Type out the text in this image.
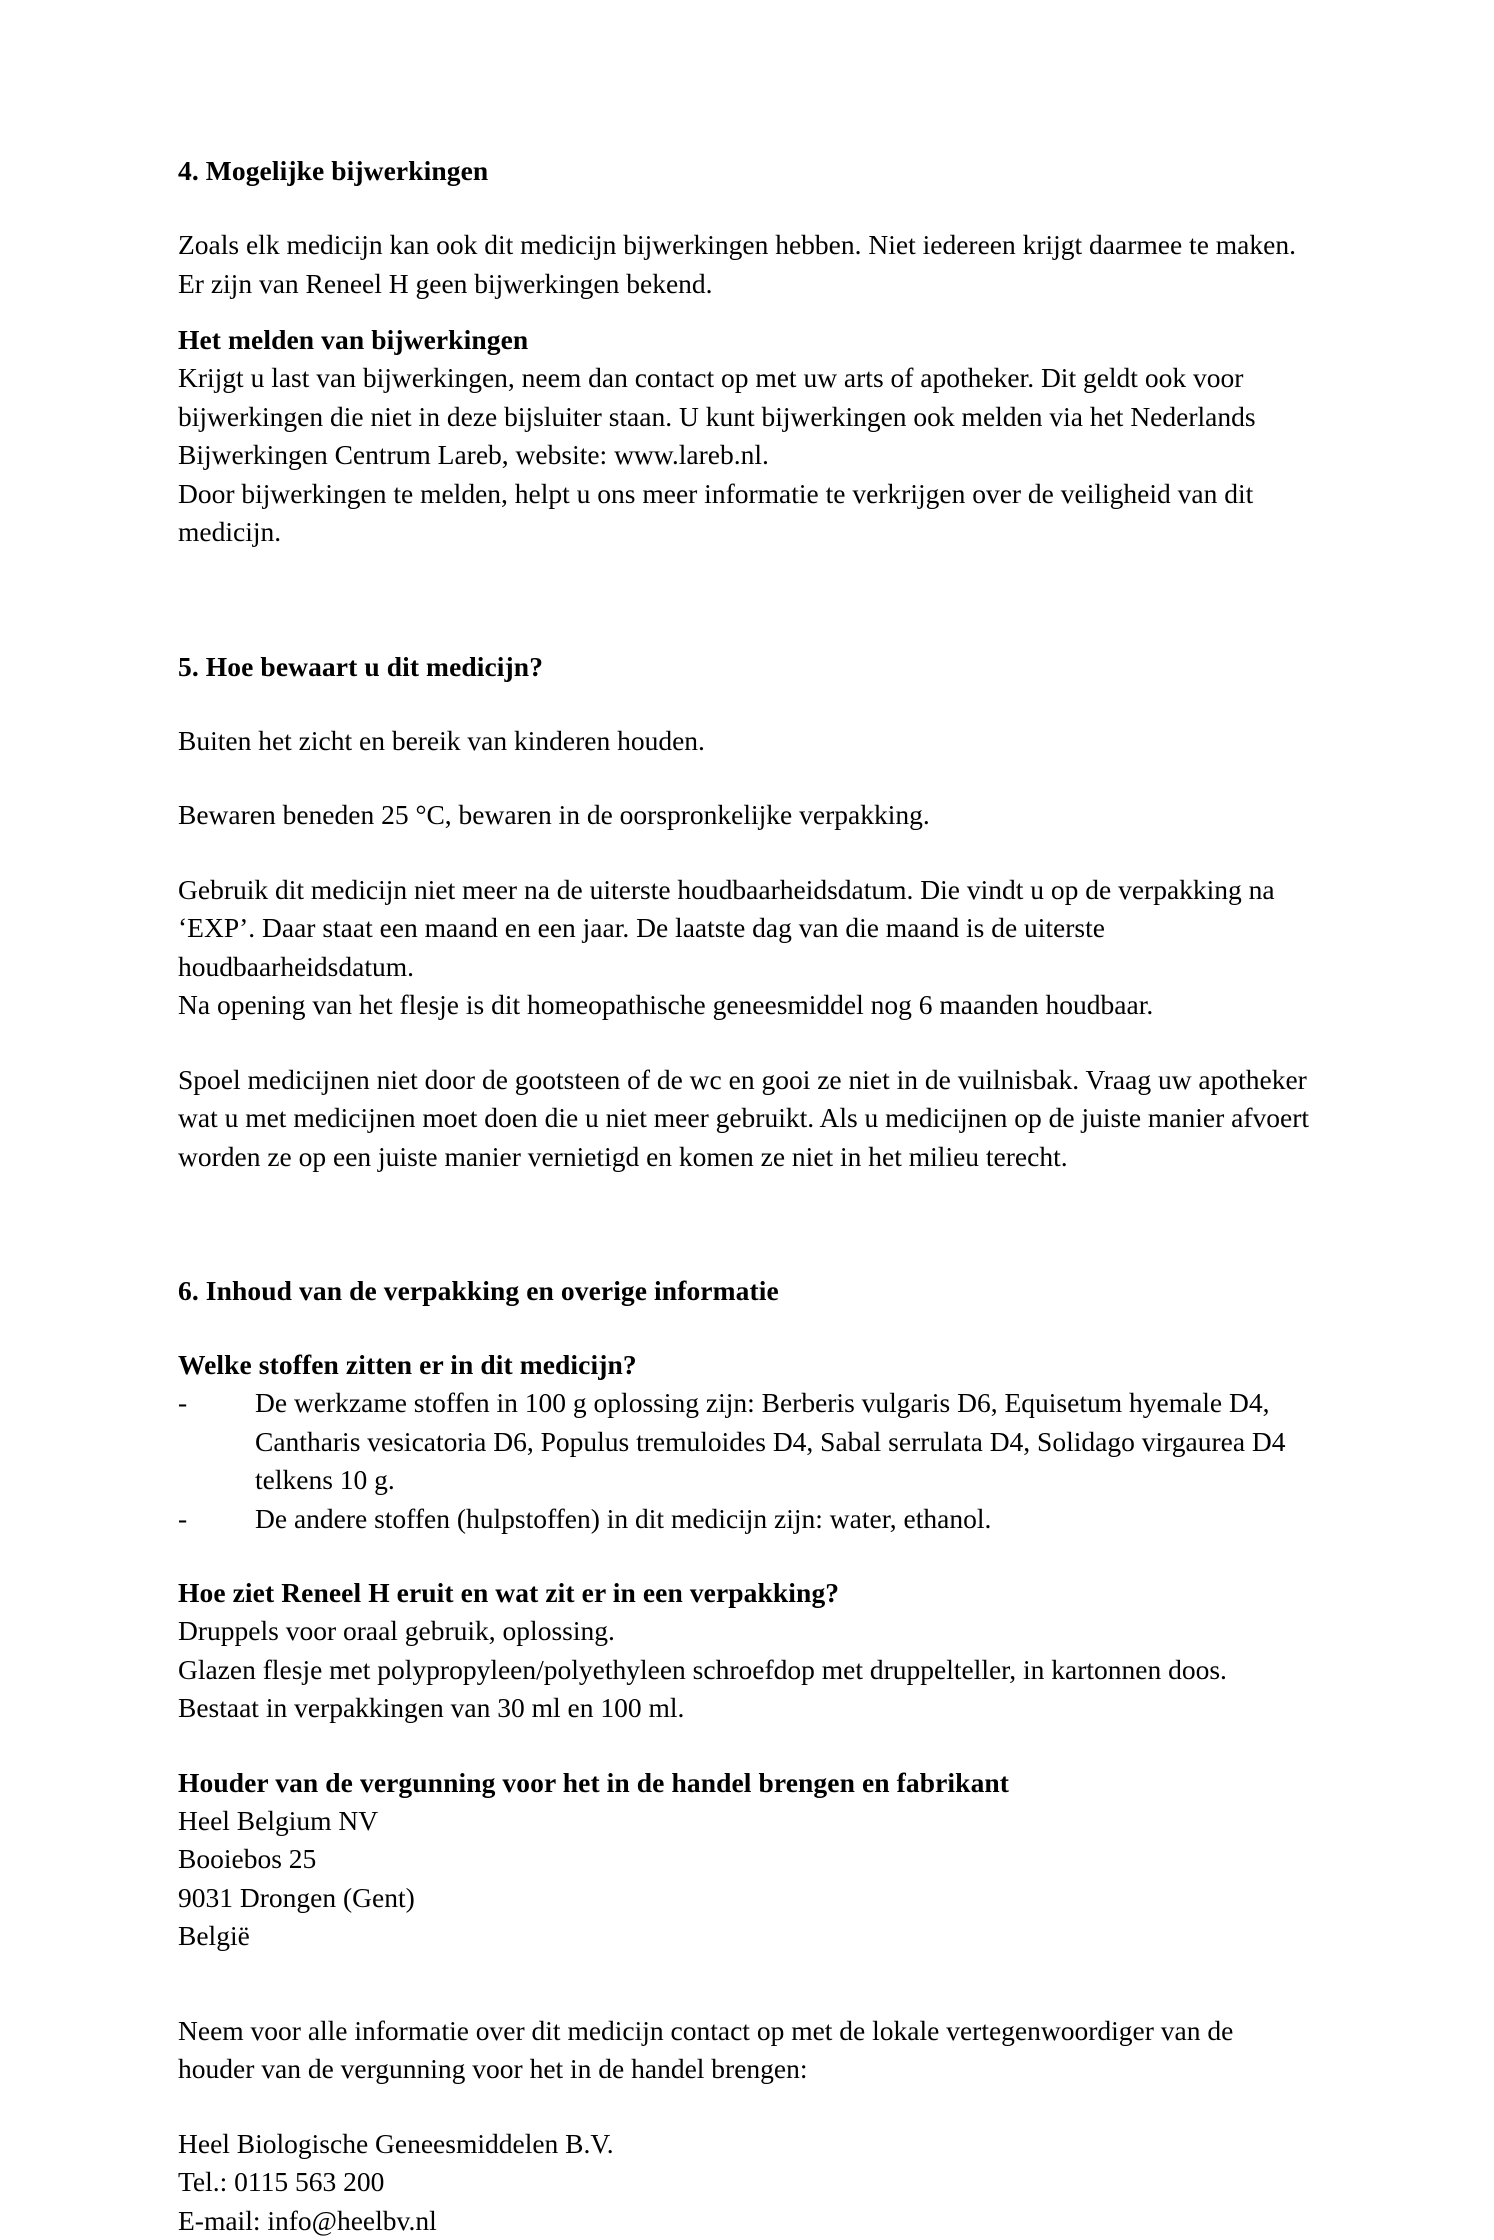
4. Mogelijke bijwerkingen

Zoals elk medicijn kan ook dit medicijn bijwerkingen hebben. Niet iedereen krijgt daarmee te maken. Er zijn van Reneel H geen bijwerkingen bekend.

Het melden van bijwerkingen

Krijgt u last van bijwerkingen, neem dan contact op met uw arts of apotheker. Dit geldt ook voor bijwerkingen die niet in deze bijsluiter staan. U kunt bijwerkingen ook melden via het Nederlands Bijwerkingen Centrum Lareb, website: www.lareb.nl.

Door bijwerkingen te melden, helpt u ons meer informatie te verkrijgen over de veiligheid van dit medicijn.

5. Hoe bewaart u dit medicijn?

Buiten het zicht en bereik van kinderen houden.

Bewaren beneden 25 °C, bewaren in de oorspronkelijke verpakking.

Gebruik dit medicijn niet meer na de uiterste houdbaarheidsdatum. Die vindt u op de verpakking na ‘EXP’. Daar staat een maand en een jaar. De laatste dag van die maand is de uiterste houdbaarheidsdatum.

Na opening van het flesje is dit homeopathische geneesmiddel nog 6 maanden houdbaar.

Spoel medicijnen niet door de gootsteen of de wc en gooi ze niet in de vuilnisbak. Vraag uw apotheker wat u met medicijnen moet doen die u niet meer gebruikt. Als u medicijnen op de juiste manier afvoert worden ze op een juiste manier vernietigd en komen ze niet in het milieu terecht.

6. Inhoud van de verpakking en overige informatie
Welke stoffen zitten er in dit medicijn?
- De werkzame stoffen in 100 g oplossing zijn: Berberis vulgaris D6, Equisetum hyemale D4, Cantharis vesicatoria D6, Populus tremuloides D4, Sabal serrulata D4, Solidago virgaurea D4 telkens 10 g.
- De andere stoffen (hulpstoffen) in dit medicijn zijn: water, ethanol.
Hoe ziet Reneel H eruit en wat zit er in een verpakking?

Druppels voor oraal gebruik, oplossing.

Glazen flesje met polypropyleen/polyethyleen schroefdop met druppelteller, in kartonnen doos.

Bestaat in verpakkingen van 30 ml en 100 ml.

Houder van de vergunning voor het in de handel brengen en fabrikant

Heel Belgium NV

Booiebos 25

9031 Drongen (Gent)

België

Neem voor alle informatie over dit medicijn contact op met de lokale vertegenwoordiger van de houder van de vergunning voor het in de handel brengen:

Heel Biologische Geneesmiddelen B.V.

Tel.: 0115 563 200

E-mail: info@heelbv.nl
